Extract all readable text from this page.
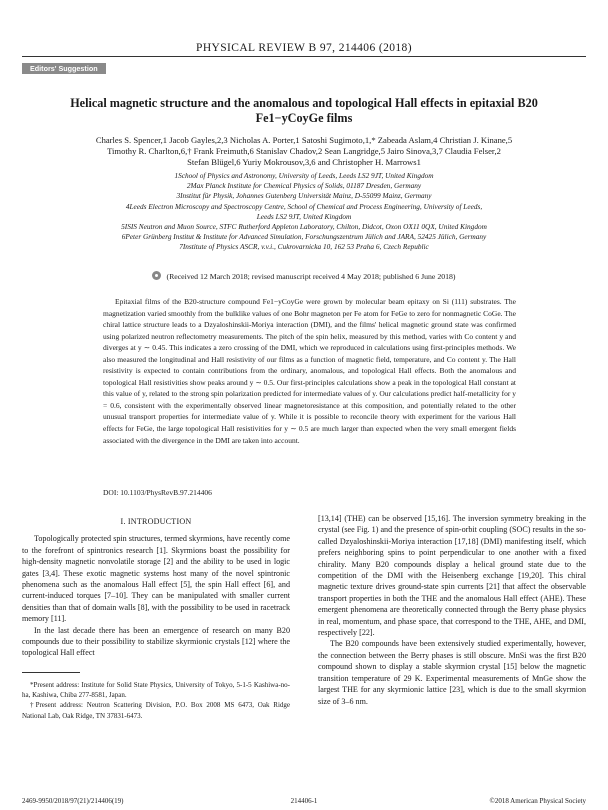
PHYSICAL REVIEW B 97, 214406 (2018)
Editors' Suggestion
Helical magnetic structure and the anomalous and topological Hall effects in epitaxial B20
Fe1−yCoyGe films
Charles S. Spencer,1 Jacob Gayles,2,3 Nicholas A. Porter,1 Satoshi Sugimoto,1,* Zabeada Aslam,4 Christian J. Kinane,5
Timothy R. Charlton,6,† Frank Freimuth,6 Stanislav Chadov,2 Sean Langridge,5 Jairo Sinova,3,7 Claudia Felser,2
Stefan Blügel,6 Yuriy Mokrousov,3,6 and Christopher H. Marrows1
1School of Physics and Astronomy, University of Leeds, Leeds LS2 9JT, United Kingdom
2Max Planck Institute for Chemical Physics of Solids, 01187 Dresden, Germany
3Institut für Physik, Johannes Gutenberg Universität Mainz, D-55099 Mainz, Germany
4Leeds Electron Microscopy and Spectroscopy Centre, School of Chemical and Process Engineering, University of Leeds,
Leeds LS2 9JT, United Kingdom
5ISIS Neutron and Muon Source, STFC Rutherford Appleton Laboratory, Chilton, Didcot, Oxon OX11 0QX, United Kingdom
6Peter Grünberg Institut & Institute for Advanced Simulation, Forschungszentrum Jülich and JARA, 52425 Jülich, Germany
7Institute of Physics ASCR, v.v.i., Cukrovarnicka 10, 162 53 Praha 6, Czech Republic
(Received 12 March 2018; revised manuscript received 4 May 2018; published 6 June 2018)
Epitaxial films of the B20-structure compound Fe1−yCoyGe were grown by molecular beam epitaxy on Si (111) substrates. The magnetization varied smoothly from the bulklike values of one Bohr magneton per Fe atom for FeGe to zero for nonmagnetic CoGe. The chiral lattice structure leads to a Dzyaloshinskii-Moriya interaction (DMI), and the films' helical magnetic ground state was confirmed using polarized neutron reflectometry measurements. The pitch of the spin helix, measured by this method, varies with Co content y and diverges at y ∼ 0.45. This indicates a zero crossing of the DMI, which we reproduced in calculations using first-principles methods. We also measured the longitudinal and Hall resistivity of our films as a function of magnetic field, temperature, and Co content y. The Hall resistivity is expected to contain contributions from the ordinary, anomalous, and topological Hall effects. Both the anomalous and topological Hall resistivities show peaks around y ∼ 0.5. Our first-principles calculations show a peak in the topological Hall constant at this value of y, related to the strong spin polarization predicted for intermediate values of y. Our calculations predict half-metallicity for y = 0.6, consistent with the experimentally observed linear magnetoresistance at this composition, and potentially related to the other unusual transport properties for intermediate value of y. While it is possible to reconcile theory with experiment for the various Hall effects for FeGe, the large topological Hall resistivities for y ∼ 0.5 are much larger than expected when the very small emergent fields associated with the divergence in the DMI are taken into account.
DOI: 10.1103/PhysRevB.97.214406
I. INTRODUCTION

Topologically protected spin structures, termed skyrmions, have recently come to the forefront of spintronics research [1]. Skyrmions boast the possibility for high-density magnetic nonvolatile storage [2] and the ability to be used in logic gates [3,4]. These exotic magnetic systems host many of the novel spintronic phenomena such as the anomalous Hall effect [5], the spin Hall effect [6], and current-induced torques [7–10]. They can be manipulated with smaller current densities than that of domain walls [8], with the possibility to be used in racetrack memory [11].

In the last decade there has been an emergence of research on many B20 compounds due to their possibility to stabilize skyrmionic crystals [12] where the topological Hall effect

*Present address: Institute for Solid State Physics, University of Tokyo, 5-1-5 Kashiwa-no-ha, Kashiwa, Chiba 277-8581, Japan.
†Present address: Neutron Scattering Division, P.O. Box 2008 MS 6473, Oak Ridge National Lab, Oak Ridge, TN 37831-6473.

[13,14] (THE) can be observed [15,16]. The inversion symmetry breaking in the crystal (see Fig. 1) and the presence of spin-orbit coupling (SOC) results in the so-called Dzyaloshinskii-Moriya interaction [17,18] (DMI) manifesting itself, which prefers neighboring spins to point perpendicular to one another with a fixed chirality. Many B20 compounds display a helical ground state due to the competition of the DMI with the Heisenberg exchange [19,20]. This chiral magnetic texture drives ground-state spin currents [21] that affect the observable transport properties in both the THE and the anomalous Hall effect (AHE). These emergent phenomena are theoretically connected through the Berry phase physics in real, momentum, and phase space, that correspond to the THE, AHE, and DMI, respectively [22].

The B20 compounds have been extensively studied experimentally, however, the connection between the Berry phases is still obscure. MnSi was the first B20 compound shown to display a stable skyrmion crystal [15] below the magnetic transition temperature of 29 K. Experimental measurements of MnGe show the largest THE for any skyrmionic lattice [23], which is due to the small skyrmion size of 3–6 nm.

2469-9950/2018/97(21)/214406(19)	214406-1	©2018 American Physical Society
